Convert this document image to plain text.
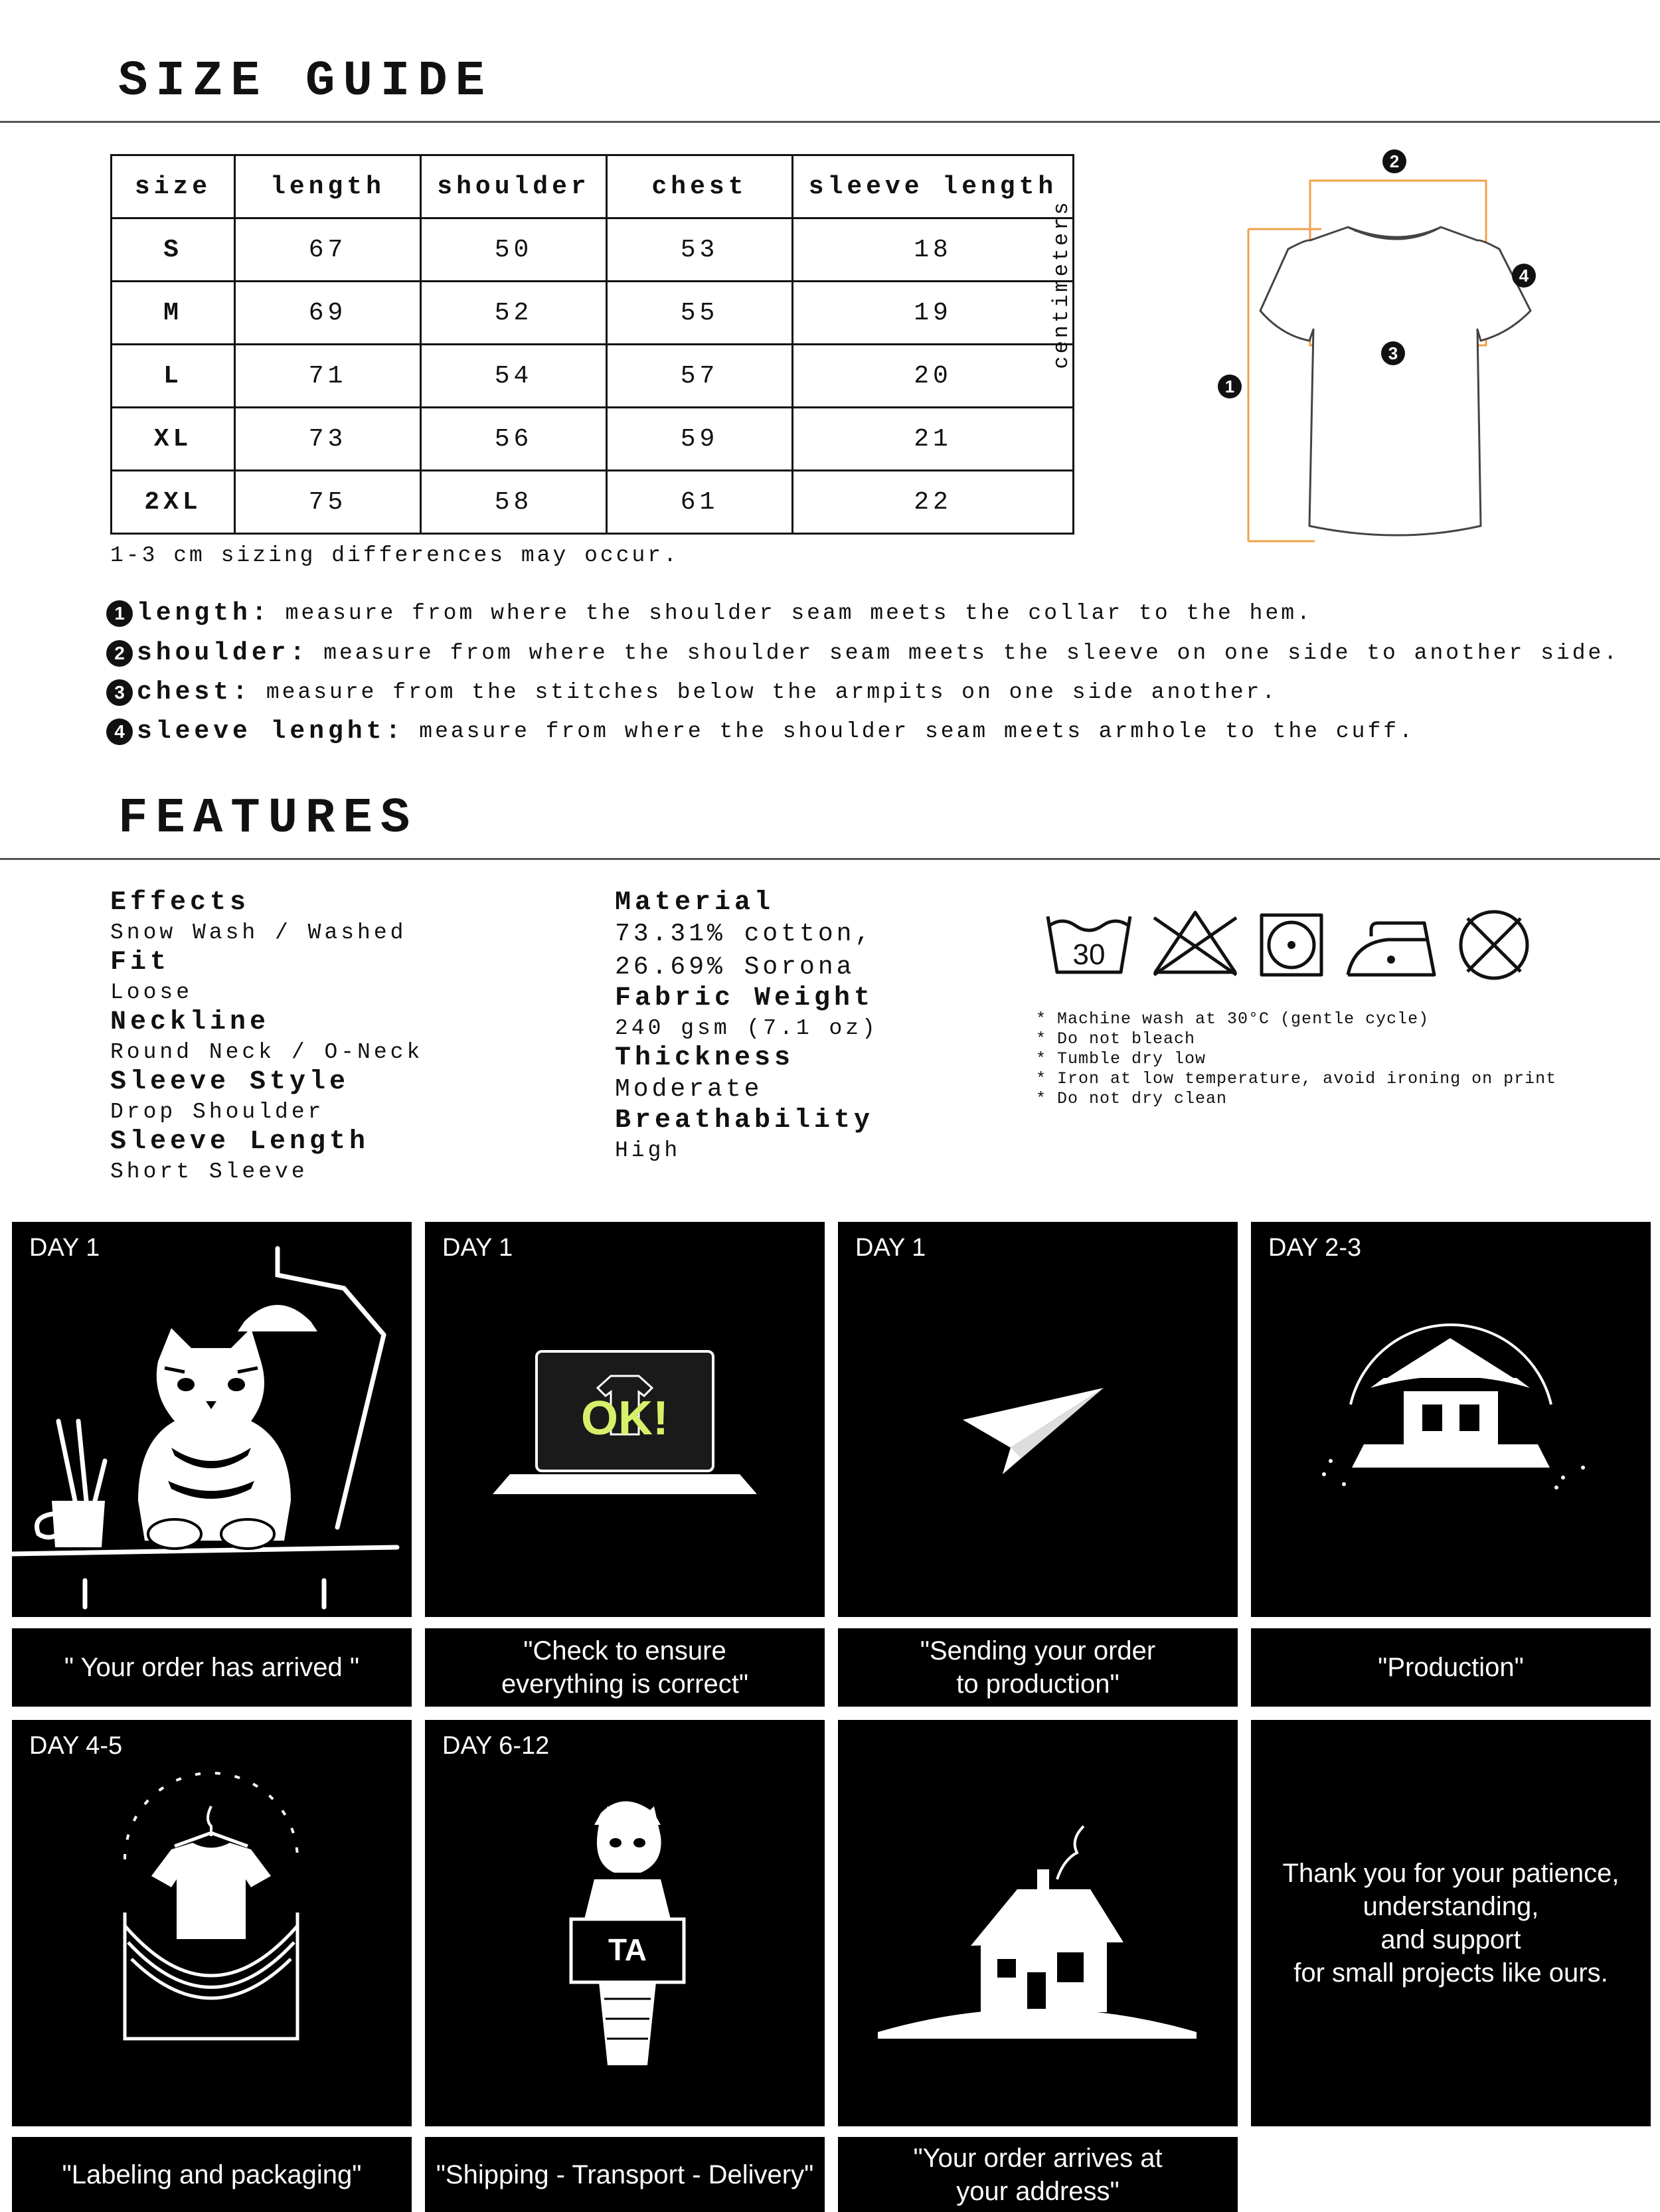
SIZE GUIDE
size	length	shoulder	chest	sleeve length
S	67	50	53	18
M	69	52	55	19
L	71	54	57	20
XL	73	56	59	21
2XL	75	58	61	22
centimeters
2
4
3
1
1-3 cm sizing differences may occur.
1 length: measure from where the shoulder seam meets the collar to the hem.
2 shoulder: measure from where the shoulder seam meets the sleeve on one side to another side.
3 chest: measure from the stitches below the armpits on one side another.
4 sleeve lenght: measure from where the shoulder seam meets armhole to the cuff.
FEATURES
Effects
Snow Wash / Washed
Fit
Loose
Neckline
Round Neck / O-Neck
Sleeve Style
Drop Shoulder
Sleeve Length
Short Sleeve
Material
73.31% cotton,
26.69% Sorona
Fabric Weight
240 gsm (7.1 oz)
Thickness
Moderate
Breathability
High
30
* Machine wash at 30°C (gentle cycle)
* Do not bleach
* Tumble dry low
* Iron at low temperature, avoid ironing on print
* Do not dry clean
DAY 1	DAY 1
OK!
DAY 1	DAY 2-3
" Your order has arrived "
"Check to ensure
everything is correct"
"Sending your order
to production"
"Production"
DAY 4-5	DAY 6-12
TA
Thank you for your patience,
understanding,
and support
for small projects like ours.
"Labeling and packaging"	"Shipping - Transport - Delivery"
"Your order arrives at
your address"
